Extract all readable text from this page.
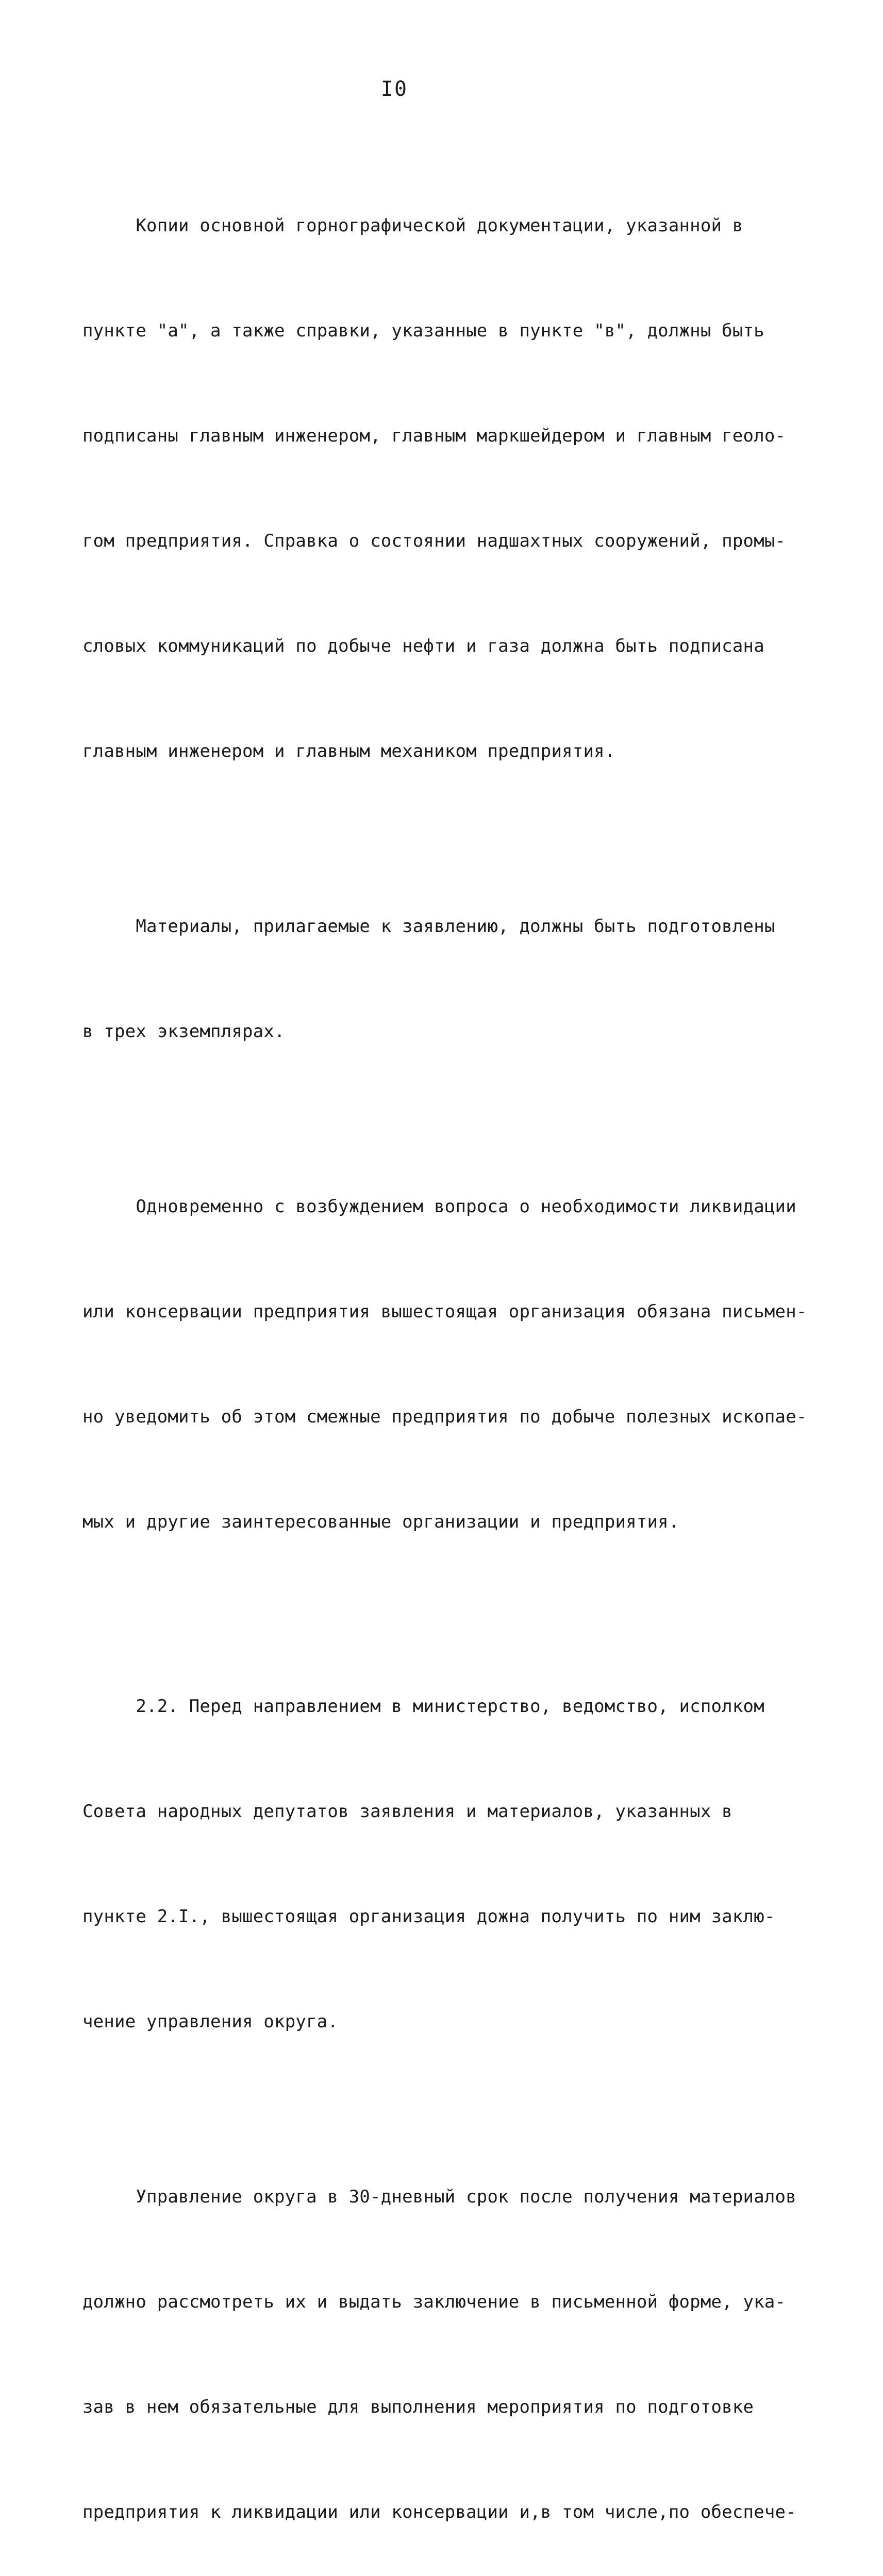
I0

Копии основной горнографической документации, указанной в

пункте "а", а также справки, указанные в пункте "в", должны быть

подписаны главным инженером, главным маркшейдером и главным геоло-

гом предприятия. Справка о состоянии надшахтных сооружений, промы-

словых коммуникаций по добыче нефти и газа должна быть подписана

главным инженером и главным механиком предприятия.

Материалы, прилагаемые к заявлению, должны быть подготовлены

в трех экземплярах.

Одновременно с возбуждением вопроса о необходимости ликвидации

или консервации предприятия вышестоящая организация обязана письмен-

но уведомить об этом смежные предприятия по добыче полезных ископае-

мых и другие заинтересованные организации и предприятия.

2.2. Перед направлением в министерство, ведомство, исполком

Совета народных депутатов заявления и материалов, указанных в

пункте 2.I., вышестоящая организация дожна получить по ним заклю-

чение управления округа.

Управление округа в 30-дневный срок после получения материалов

должно рассмотреть их и выдать заключение в письменной форме, ука-

зав в нем обязательные для выполнения мероприятия по подготовке

предприятия к ликвидации или консервации и,в том числе,по обеспече-
